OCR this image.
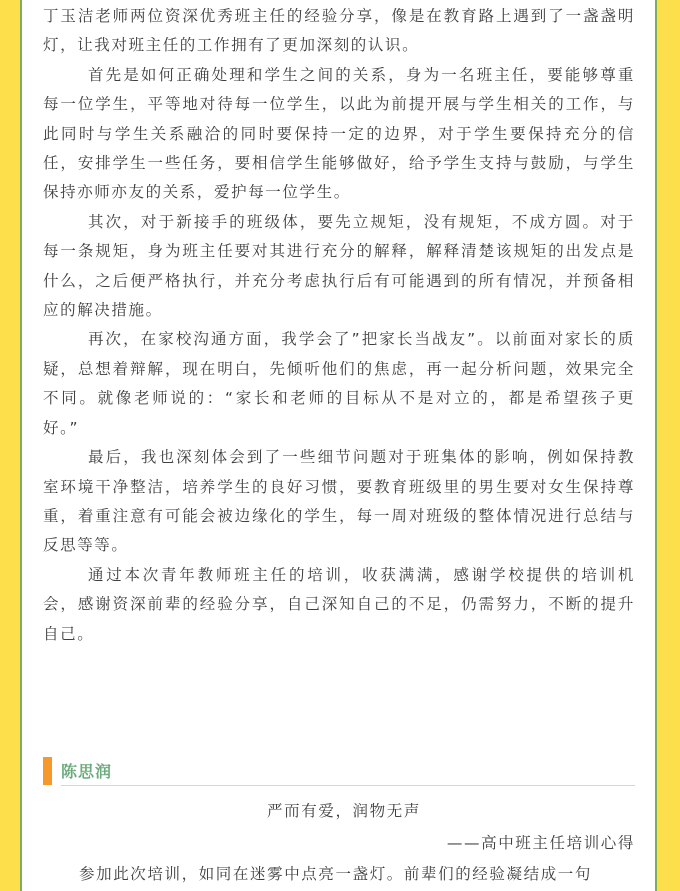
丁玉洁老师两位资深优秀班主任的经验分享，像是在教育路上遇到了一盏盏明灯，让我对班主任的工作拥有了更加深刻的认识。

首先是如何正确处理和学生之间的关系，身为一名班主任，要能够尊重每一位学生，平等地对待每一位学生，以此为前提开展与学生相关的工作，与此同时与学生关系融洽的同时要保持一定的边界，对于学生要保持充分的信任，安排学生一些任务，要相信学生能够做好，给予学生支持与鼓励，与学生保持亦师亦友的关系，爱护每一位学生。

其次，对于新接手的班级体，要先立规矩，没有规矩，不成方圆。对于每一条规矩，身为班主任要对其进行充分的解释，解释清楚该规矩的出发点是什么，之后便严格执行，并充分考虑执行后有可能遇到的所有情况，并预备相应的解决措施。

再次，在家校沟通方面，我学会了”把家长当战友”。以前面对家长的质疑，总想着辩解，现在明白，先倾听他们的焦虑，再一起分析问题，效果完全不同。就像老师说的：“家长和老师的目标从不是对立的，都是希望孩子更好。”

最后，我也深刻体会到了一些细节问题对于班集体的影响，例如保持教室环境干净整洁，培养学生的良好习惯，要教育班级里的男生要对女生保持尊重，着重注意有可能会被边缘化的学生，每一周对班级的整体情况进行总结与反思等等。

通过本次青年教师班主任的培训，收获满满，感谢学校提供的培训机会，感谢资深前辈的经验分享，自己深知自己的不足，仍需努力，不断的提升自己。

陈思润
严而有爱，润物无声
——高中班主任培训心得
参加此次培训，如同在迷雾中点亮一盏灯。前辈们的经验凝结成一句
